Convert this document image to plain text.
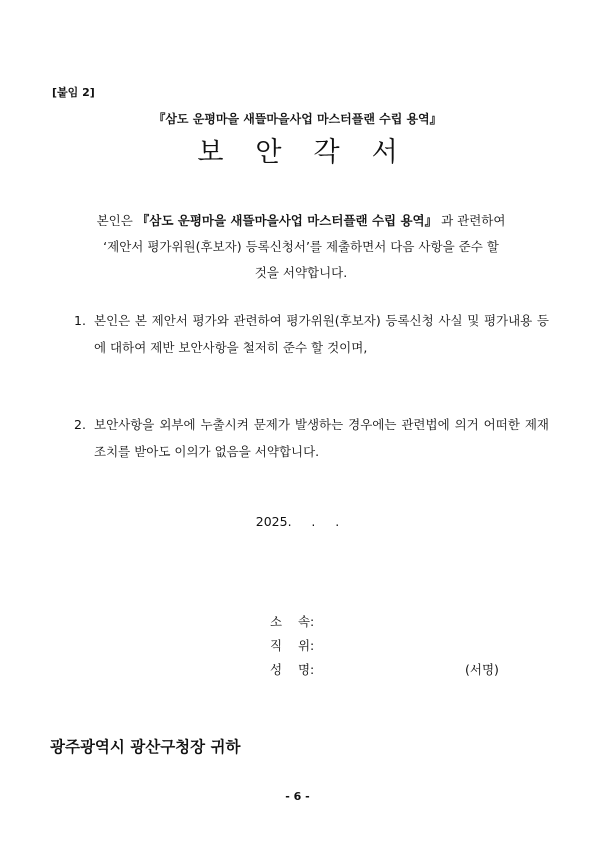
[붙임 2]
『삼도 운평마을 새뜰마을사업 마스터플랜 수립 용역』
보 안 각 서
본인은 『삼도 운평마을 새뜰마을사업 마스터플랜 수립 용역』 과 관련하여
‘제안서 평가위원(후보자) 등록신청서’를 제출하면서 다음 사항을 준수 할
것을 서약합니다.
1. 본인은 본 제안서 평가와 관련하여 평가위원(후보자) 등록신청 사실 및 평가내용 등에 대하여 제반 보안사항을 철저히 준수 할 것이며,
2. 보안사항을 외부에 누출시켜 문제가 발생하는 경우에는 관련법에 의거 어떠한 제재조치를 받아도 이의가 없음을 서약합니다.
2025.     .     .
소    속:
직    위:
성    명:	(서명)
광주광역시 광산구청장 귀하
- 6 -
